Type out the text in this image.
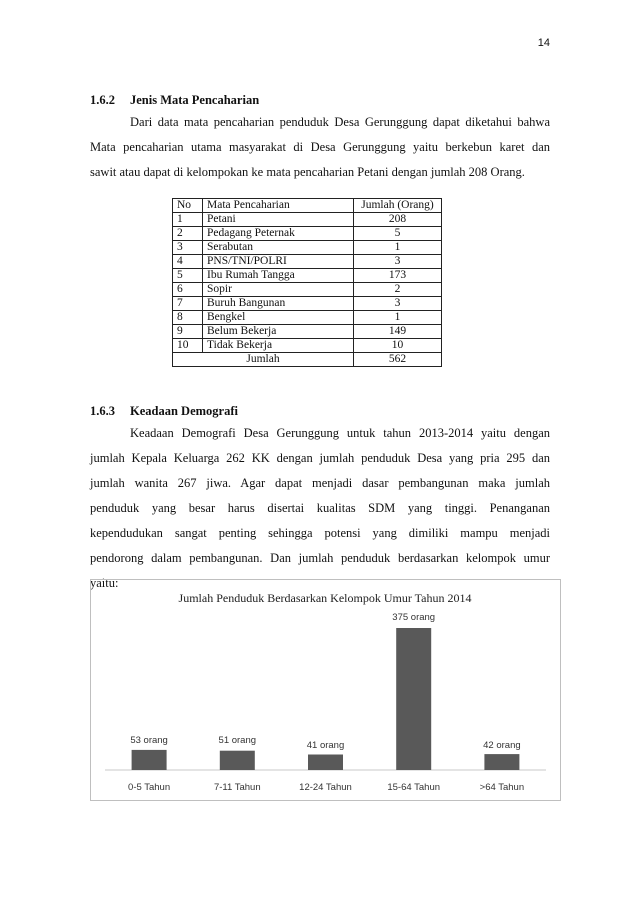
14
1.6.2 Jenis Mata Pencaharian
Dari data mata pencaharian penduduk Desa Gerunggung dapat diketahui bahwa
Mata pencaharian utama masyarakat di Desa Gerunggung yaitu berkebun karet dan
sawit atau dapat di kelompokan ke mata pencaharian Petani dengan jumlah 208 Orang.
No	Mata Pencaharian	Jumlah (Orang)
1	Petani	208
2	Pedagang Peternak	5
3	Serabutan	1
4	PNS/TNI/POLRI	3
5	Ibu Rumah Tangga	173
6	Sopir	2
7	Buruh Bangunan	3
8	Bengkel	1
9	Belum Bekerja	149
10	Tidak Bekerja	10
Jumlah		562
1.6.3 Keadaan Demografi
Keadaan Demografi Desa Gerunggung untuk tahun 2013-2014 yaitu dengan
jumlah Kepala Keluarga 262 KK dengan jumlah penduduk Desa yang pria 295 dan
jumlah wanita 267 jiwa. Agar dapat menjadi dasar pembangunan maka jumlah
penduduk yang besar harus disertai kualitas SDM yang tinggi. Penanganan
kependudukan sangat penting sehingga potensi yang dimiliki mampu menjadi
pendorong dalam pembangunan. Dan jumlah penduduk berdasarkan kelompok umur
yaitu:
Jumlah Penduduk Berdasarkan Kelompok Umur Tahun 2014
53 orang
0-5 Tahun
51 orang
7-11 Tahun
41 orang
12-24 Tahun
375 orang
15-64 Tahun
42 orang
>64 Tahun
